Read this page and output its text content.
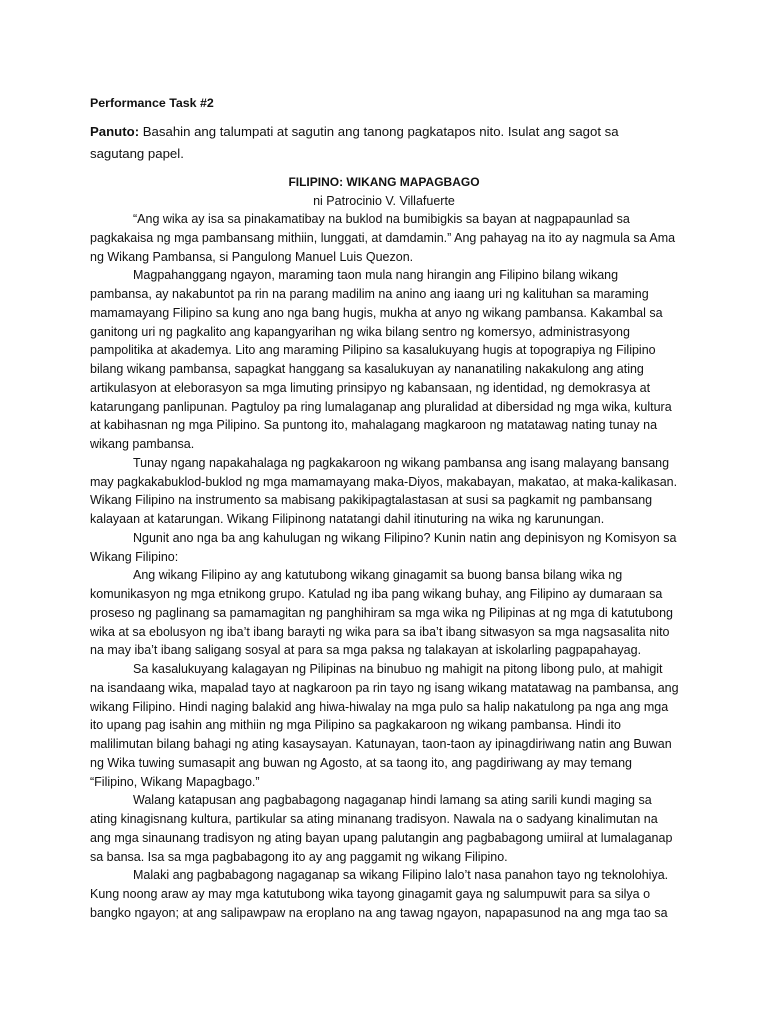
Performance Task #2
Panuto: Basahin ang talumpati at sagutin ang tanong pagkatapos nito. Isulat ang sagot sa
sagutang papel.
FILIPINO: WIKANG MAPAGBAGO
ni Patrocinio V. Villafuerte
“Ang wika ay isa sa pinakamatibay na buklod na bumibigkis sa bayan at nagpapaunlad sa
pagkakaisa ng mga pambansang mithiin, lunggati, at damdamin.” Ang pahayag na ito ay nagmula sa Ama
ng Wikang Pambansa, si Pangulong Manuel Luis Quezon.
Magpahanggang ngayon, maraming taon mula nang hirangin ang Filipino bilang wikang
pambansa, ay nakabuntot pa rin na parang madilim na anino ang iaang uri ng kalituhan sa maraming
mamamayang Filipino sa kung ano nga bang hugis, mukha at anyo ng wikang pambansa. Kakambal sa
ganitong uri ng pagkalito ang kapangyarihan ng wika bilang sentro ng komersyo, administrasyong
pampolitika at akademya. Lito ang maraming Pilipino sa kasalukuyang hugis at topograpiya ng Filipino
bilang wikang pambansa, sapagkat hanggang sa kasalukuyan ay nananatiling nakakulong ang ating
artikulasyon at eleborasyon sa mga limuting prinsipyo ng kabansaan, ng identidad, ng demokrasya at
katarungang panlipunan. Pagtuloy pa ring lumalaganap ang pluralidad at dibersidad ng mga wika, kultura
at kabihasnan ng mga Pilipino. Sa puntong ito, mahalagang magkaroon ng matatawag nating tunay na
wikang pambansa.
Tunay ngang napakahalaga ng pagkakaroon ng wikang pambansa ang isang malayang bansang
may pagkakabuklod-buklod ng mga mamamayang maka-Diyos, makabayan, makatao, at maka-kalikasan.
Wikang Filipino na instrumento sa mabisang pakikipagtalastasan at susi sa pagkamit ng pambansang
kalayaan at katarungan. Wikang Filipinong natatangi dahil itinuturing na wika ng karunungan.
Ngunit ano nga ba ang kahulugan ng wikang Filipino? Kunin natin ang depinisyon ng Komisyon sa
Wikang Filipino:
Ang wikang Filipino ay ang katutubong wikang ginagamit sa buong bansa bilang wika ng
komunikasyon ng mga etnikong grupo. Katulad ng iba pang wikang buhay, ang Filipino ay dumaraan sa
proseso ng paglinang sa pamamagitan ng panghihiram sa mga wika ng Pilipinas at ng mga di katutubong
wika at sa ebolusyon ng iba’t ibang barayti ng wika para sa iba’t ibang sitwasyon sa mga nagsasalita nito
na may iba’t ibang saligang sosyal at para sa mga paksa ng talakayan at iskolarling pagpapahayag.
Sa kasalukuyang kalagayan ng Pilipinas na binubuo ng mahigit na pitong libong pulo, at mahigit
na isandaang wika, mapalad tayo at nagkaroon pa rin tayo ng isang wikang matatawag na pambansa, ang
wikang Filipino. Hindi naging balakid ang hiwa-hiwalay na mga pulo sa halip nakatulong pa nga ang mga
ito upang pag isahin ang mithiin ng mga Pilipino sa pagkakaroon ng wikang pambansa. Hindi ito
malilimutan bilang bahagi ng ating kasaysayan. Katunayan, taon-taon ay ipinagdiriwang natin ang Buwan
ng Wika tuwing sumasapit ang buwan ng Agosto, at sa taong ito, ang pagdiriwang ay may temang
“Filipino, Wikang Mapagbago.”
Walang katapusan ang pagbabagong nagaganap hindi lamang sa ating sarili kundi maging sa
ating kinagisnang kultura, partikular sa ating minanang tradisyon. Nawala na o sadyang kinalimutan na
ang mga sinaunang tradisyon ng ating bayan upang palutangin ang pagbabagong umiiral at lumalaganap
sa bansa. Isa sa mga pagbabagong ito ay ang paggamit ng wikang Filipino.
Malaki ang pagbabagong nagaganap sa wikang Filipino lalo’t nasa panahon tayo ng teknolohiya.
Kung noong araw ay may mga katutubong wika tayong ginagamit gaya ng salumpuwit para sa silya o
bangko ngayon; at ang salipawpaw na eroplano na ang tawag ngayon, napapasunod na ang mga tao sa
